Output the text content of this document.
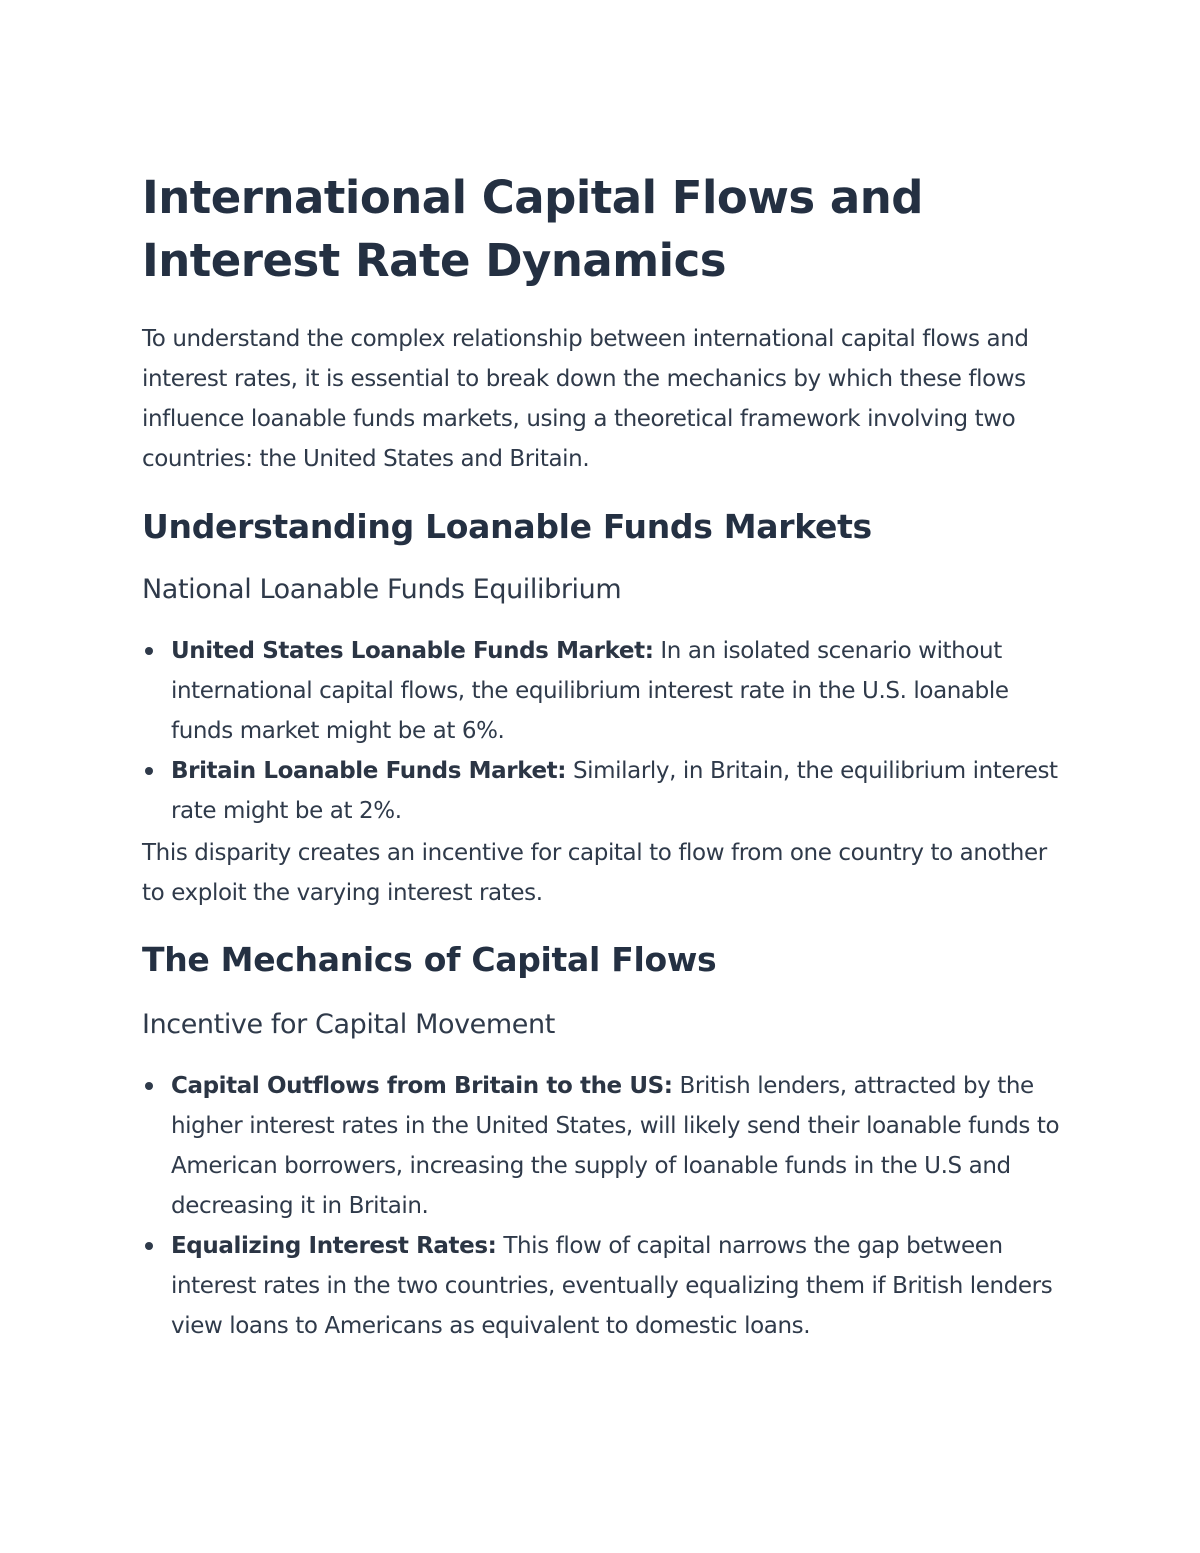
International Capital Flows and Interest Rate Dynamics

To understand the complex relationship between international capital flows and interest rates, it is essential to break down the mechanics by which these flows influence loanable funds markets, using a theoretical framework involving two countries: the United States and Britain.

Understanding Loanable Funds Markets
National Loanable Funds Equilibrium
United States Loanable Funds Market: In an isolated scenario without international capital flows, the equilibrium interest rate in the U.S. loanable funds market might be at 6%.
Britain Loanable Funds Market: Similarly, in Britain, the equilibrium interest rate might be at 2%.

This disparity creates an incentive for capital to flow from one country to another to exploit the varying interest rates.

The Mechanics of Capital Flows
Incentive for Capital Movement
Capital Outflows from Britain to the US: British lenders, attracted by the higher interest rates in the United States, will likely send their loanable funds to American borrowers, increasing the supply of loanable funds in the U.S and decreasing it in Britain.
Equalizing Interest Rates: This flow of capital narrows the gap between interest rates in the two countries, eventually equalizing them if British lenders view loans to Americans as equivalent to domestic loans.
